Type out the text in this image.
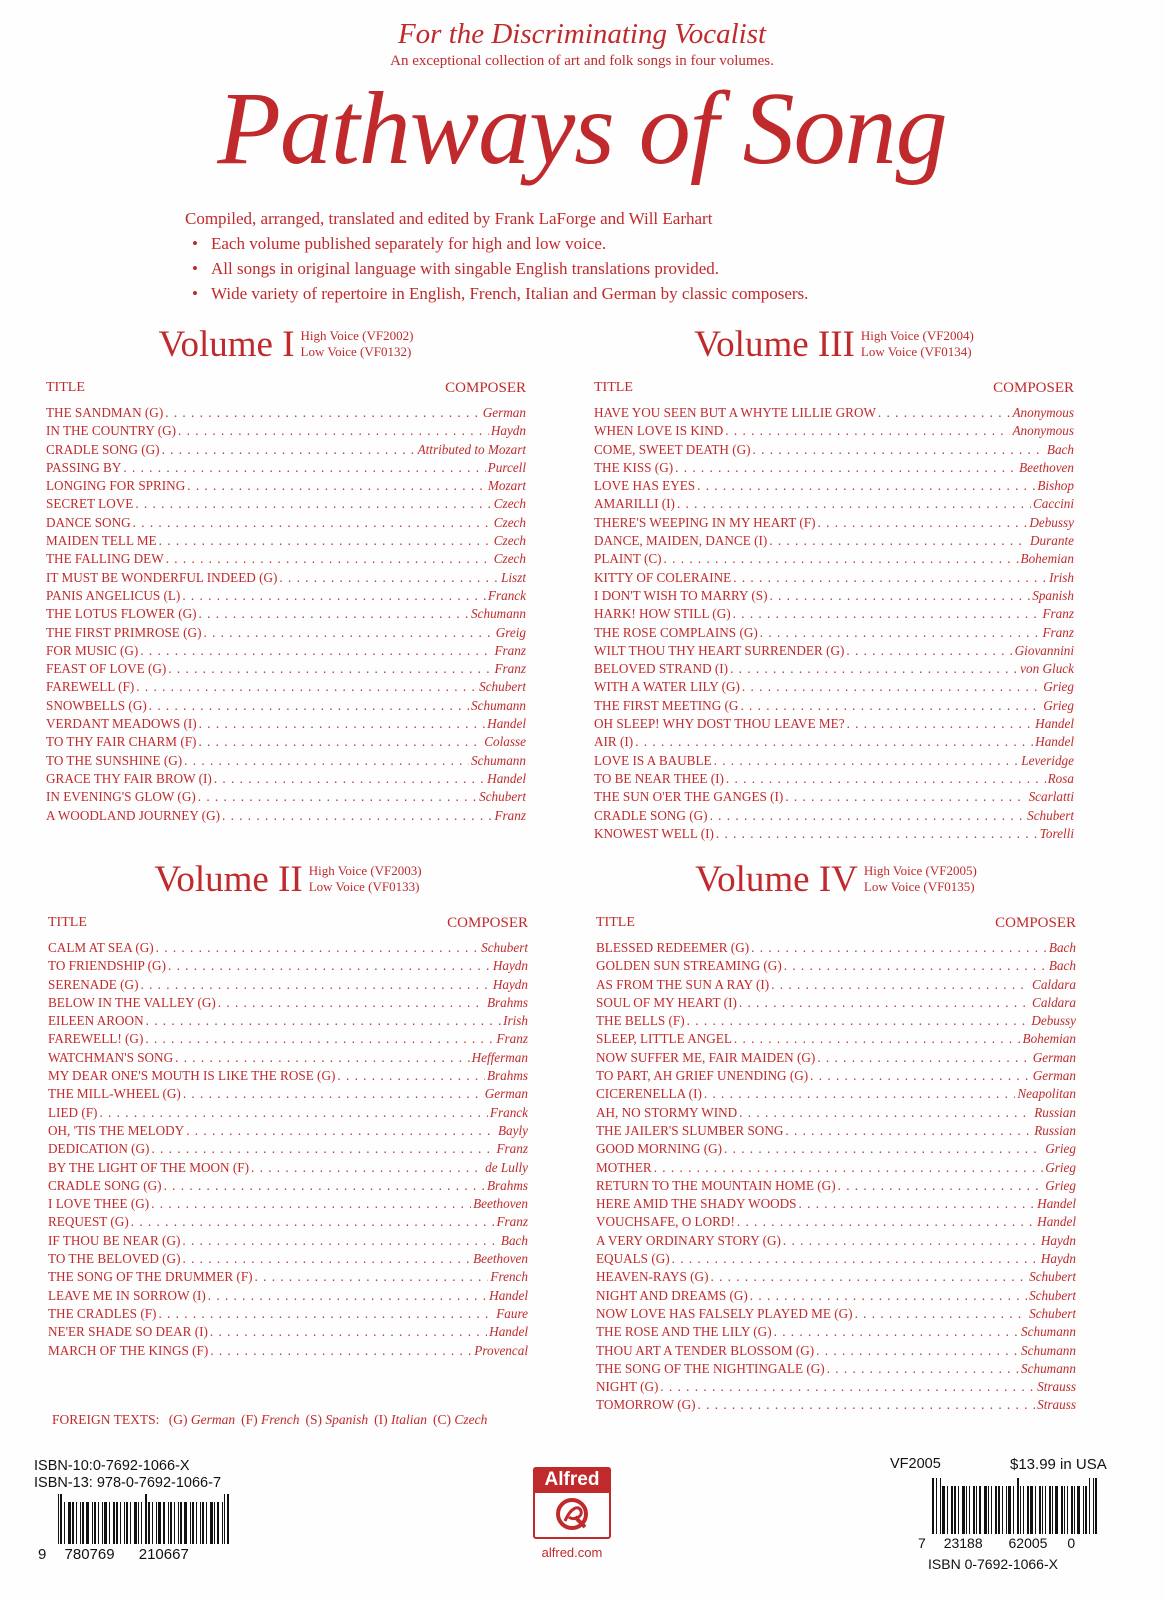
For the Discriminating Vocalist
An exceptional collection of art and folk songs in four volumes.
Pathways of Song
Compiled, arranged, translated and edited by Frank LaForge and Will Earhart
• Each volume published separately for high and low voice.
• All songs in original language with singable English translations provided.
• Wide variety of repertoire in English, French, Italian and German by classic composers.
Volume I High Voice (VF2002)
Low Voice (VF0132)
TITLE	COMPOSER
THE SANDMAN (G) . . .	German
IN THE COUNTRY (G) . . .	Haydn
CRADLE SONG (G) . . .	Attributed to Mozart
PASSING BY . . .	Purcell
LONGING FOR SPRING . . .	Mozart
SECRET LOVE . . .	Czech
DANCE SONG . . .	Czech
MAIDEN TELL ME . . .	Czech
THE FALLING DEW . . .	Czech
IT MUST BE WONDERFUL INDEED (G) . . .	Liszt
PANIS ANGELICUS (L) . . .	Franck
THE LOTUS FLOWER (G) . . .	Schumann
THE FIRST PRIMROSE (G) . . .	Greig
FOR MUSIC (G) . . .	Franz
FEAST OF LOVE (G) . . .	Franz
FAREWELL (F) . . .	Schubert
SNOWBELLS (G) . . .	Schumann
VERDANT MEADOWS (I) . . .	Handel
TO THY FAIR CHARM (F) . . .	Colasse
TO THE SUNSHINE (G) . . .	Schumann
GRACE THY FAIR BROW (I) . . .	Handel
IN EVENING'S GLOW (G) . . .	Schubert
A WOODLAND JOURNEY (G) . . .	Franz
Volume III High Voice (VF2004)
Low Voice (VF0134)
TITLE	COMPOSER
HAVE YOU SEEN BUT A WHYTE LILLIE GROW . . .	Anonymous
WHEN LOVE IS KIND . . .	Anonymous
COME, SWEET DEATH (G) . . .	Bach
THE KISS (G) . . .	Beethoven
LOVE HAS EYES . . .	Bishop
AMARILLI (I) . . .	Caccini
THERE'S WEEPING IN MY HEART (F) . . .	Debussy
DANCE, MAIDEN, DANCE (I) . . .	Durante
PLAINT (C) . . .	Bohemian
KITTY OF COLERAINE . . .	Irish
I DON'T WISH TO MARRY (S) . . .	Spanish
HARK! HOW STILL (G) . . .	Franz
THE ROSE COMPLAINS (G) . . .	Franz
WILT THOU THY HEART SURRENDER (G) . . .	Giovannini
BELOVED STRAND (I) . . .	von Gluck
WITH A WATER LILY (G) . . .	Grieg
THE FIRST MEETING (G . . .	Grieg
OH SLEEP! WHY DOST THOU LEAVE ME? . . .	Handel
AIR (I) . . .	Handel
LOVE IS A BAUBLE . . .	Leveridge
TO BE NEAR THEE (I) . . .	Rosa
THE SUN O'ER THE GANGES (I) . . .	Scarlatti
CRADLE SONG (G) . . .	Schubert
KNOWEST WELL (I) . . .	Torelli
Volume II High Voice (VF2003)
Low Voice (VF0133)
TITLE	COMPOSER
CALM AT SEA (G) . . .	Schubert
TO FRIENDSHIP (G) . . .	Haydn
SERENADE (G) . . .	Haydn
BELOW IN THE VALLEY (G) . . .	Brahms
EILEEN AROON . . .	Irish
FAREWELL! (G) . . .	Franz
WATCHMAN'S SONG . . .	Hefferman
MY DEAR ONE'S MOUTH IS LIKE THE ROSE (G) . . .	Brahms
THE MILL-WHEEL (G) . . .	German
LIED (F) . . .	Franck
OH, 'TIS THE MELODY . . .	Bayly
DEDICATION (G) . . .	Franz
BY THE LIGHT OF THE MOON (F) . . .	de Lully
CRADLE SONG (G) . . .	Brahms
I LOVE THEE (G) . . .	Beethoven
REQUEST (G) . . .	Franz
IF THOU BE NEAR (G) . . .	Bach
TO THE BELOVED (G) . . .	Beethoven
THE SONG OF THE DRUMMER (F) . . .	French
LEAVE ME IN SORROW (I) . . .	Handel
THE CRADLES (F) . . .	Faure
NE'ER SHADE SO DEAR (I) . . .	Handel
MARCH OF THE KINGS (F) . . .	Provencal
Volume IV High Voice (VF2005)
Low Voice (VF0135)
TITLE	COMPOSER
BLESSED REDEEMER (G) . . .	Bach
GOLDEN SUN STREAMING (G) . . .	Bach
AS FROM THE SUN A RAY (I) . . .	Caldara
SOUL OF MY HEART (I) . . .	Caldara
THE BELLS (F) . . .	Debussy
SLEEP, LITTLE ANGEL . . .	Bohemian
NOW SUFFER ME, FAIR MAIDEN (G) . . .	German
TO PART, AH GRIEF UNENDING (G) . . .	German
CICERENELLA (I) . . .	Neapolitan
AH, NO STORMY WIND . . .	Russian
THE JAILER'S SLUMBER SONG . . .	Russian
GOOD MORNING (G) . . .	Grieg
MOTHER . . .	Grieg
RETURN TO THE MOUNTAIN HOME (G) . . .	Grieg
HERE AMID THE SHADY WOODS . . .	Handel
VOUCHSAFE, O LORD! . . .	Handel
A VERY ORDINARY STORY (G) . . .	Haydn
EQUALS (G) . . .	Haydn
HEAVEN-RAYS (G) . . .	Schubert
NIGHT AND DREAMS (G) . . .	Schubert
NOW LOVE HAS FALSELY PLAYED ME (G) . . .	Schubert
THE ROSE AND THE LILY (G) . . .	Schumann
THOU ART A TENDER BLOSSOM (G) . . .	Schumann
THE SONG OF THE NIGHTINGALE (G) . . .	Schumann
NIGHT (G) . . .	Strauss
TOMORROW (G) . . .	Strauss
FOREIGN TEXTS: (G) German (F) French (S) Spanish (I) Italian (C) Czech
ISBN-10:0-7692-1066-X
ISBN-13: 978-0-7692-1066-7
9 780769 210667
Alfred
alfred.com
VF2005	$13.99 in USA
7 23188 62005 0
ISBN 0-7692-1066-X
